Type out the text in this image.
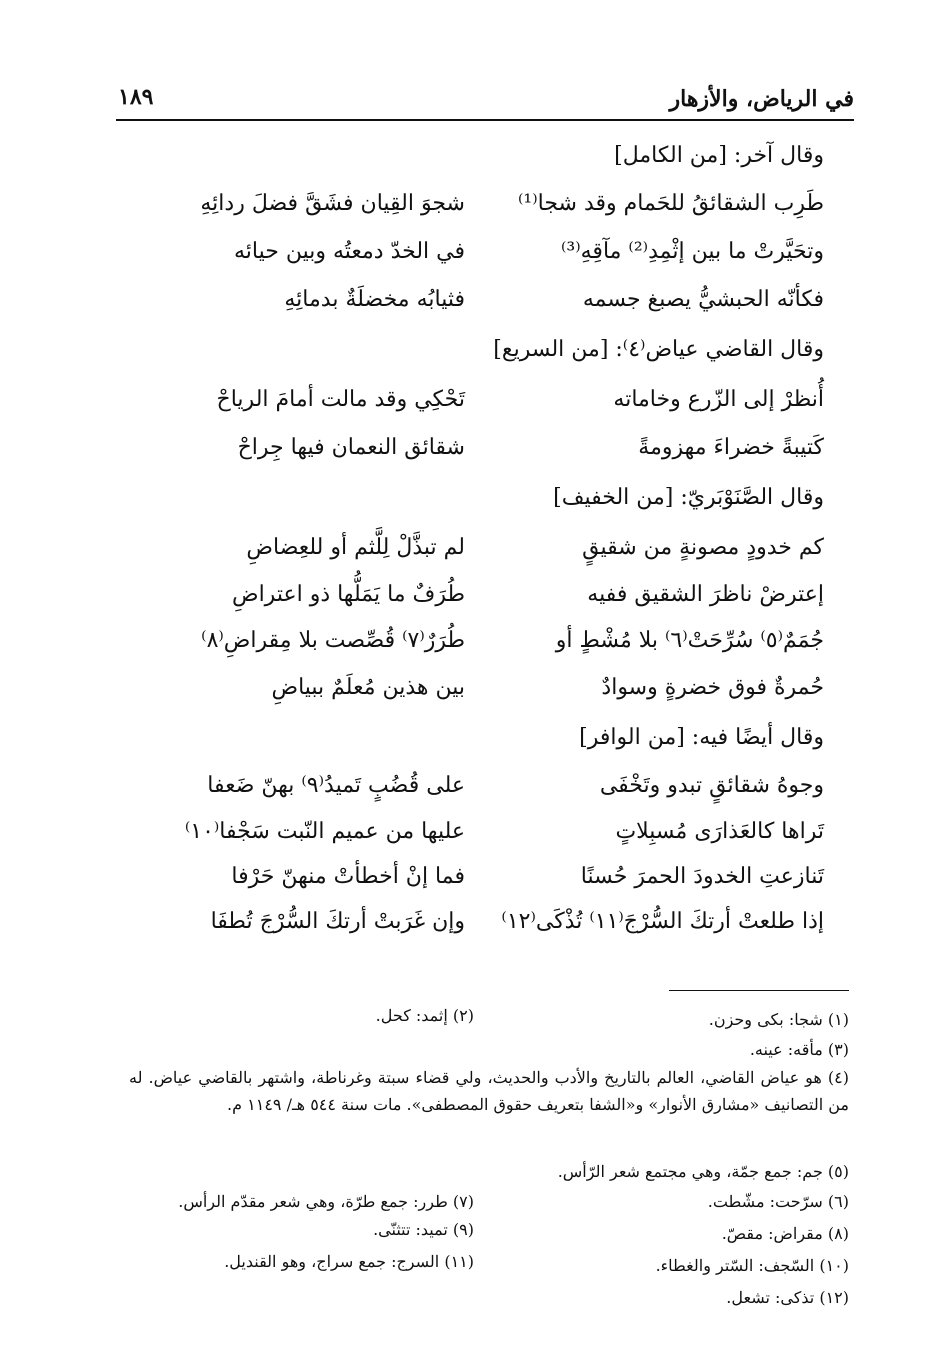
في الرياض، والأزهار
١٨٩
وقال آخر: [من الكامل]
طَرِب الشقائقُ للحَمام وقد شجا⁽¹⁾
شجوَ القِيان فشَقَّ فضلَ ردائِهِ
وتحَيَّرتْ ما بين إثْمِدِ⁽²⁾ مآقِهِ⁽³⁾
في الخدّ دمعتُه وبين حيائه
فكأنّه الحبشيُّ يصبغ جسمه
فثيابُه مخضلَةٌ بدمائِهِ
وقال القاضي عياض⁽٤⁾: [من السريع]
أُنظرْ إلى الزّرع وخاماته
تَحْكِي وقد مالت أمامَ الرياحْ
كَتيبةً خضراءَ مهزومةً
شقائق النعمان فيها جِراحْ
وقال الصَّنَوْبَريّ: [من الخفيف]
كم خدودٍ مصونةٍ من شقيقٍ
لم تبذَّلْ لِلَّثم أو للعِضاضِ
إعترضْ ناظرَ الشقيق ففيه
طُرَفٌ ما يَمَلُّها ذو اعتراضِ
جُمَمٌ⁽٥⁾ سُرِّحَتْ⁽٦⁾ بلا مُشْطٍ أو
طُرَرٌ⁽٧⁾ قُصِّصت بلا مِقراضِ⁽٨⁾
حُمرةٌ فوق خضرةٍ وسوادٌ
بين هذين مُعلَمٌ ببياضِ
وقال أيضًا فيه: [من الوافر]
وجوهُ شقائقٍ تبدو وتَخْفَى
على قُضُبٍ تَميدُ⁽٩⁾ بهنّ ضَعفا
تَراها كالعَذارَى مُسبِلاتٍ
عليها من عميم النّبت سَجْفا⁽١٠⁾
تَنازعتِ الخدودَ الحمرَ حُسنًا
فما إنْ أخطأتْ منهنّ حَرْفا
إذا طلعتْ أرتكَ السُّرْجَ⁽١١⁾ تُذْكَى⁽١٢⁾
وإن غَرَبتْ أرتكَ السُّرْجَ تُطفَا
(١) شجا: بكى وحزن.
(٢) إثمد: كحل.
(٣) مأقه: عينه.
(٤) هو عياض القاضي، العالم بالتاريخ والأدب والحديث، ولي قضاء سبتة وغرناطة، واشتهر بالقاضي عياض. له من التصانيف «مشارق الأنوار» و«الشفا بتعريف حقوق المصطفى». مات سنة ٥٤٤ هـ/ ١١٤٩ م.
(٥) جم: جمع جمّة، وهي مجتمع شعر الرّأس.
(٦) سرّحت: مشّطت.
(٧) طرر: جمع طرّة، وهي شعر مقدّم الرأس.
(٨) مقراض: مقصّ.
(٩) تميد: تتثنّى.
(١٠) السّجف: السّتر والغطاء.
(١١) السرج: جمع سراج، وهو القنديل.
(١٢) تذكى: تشعل.
